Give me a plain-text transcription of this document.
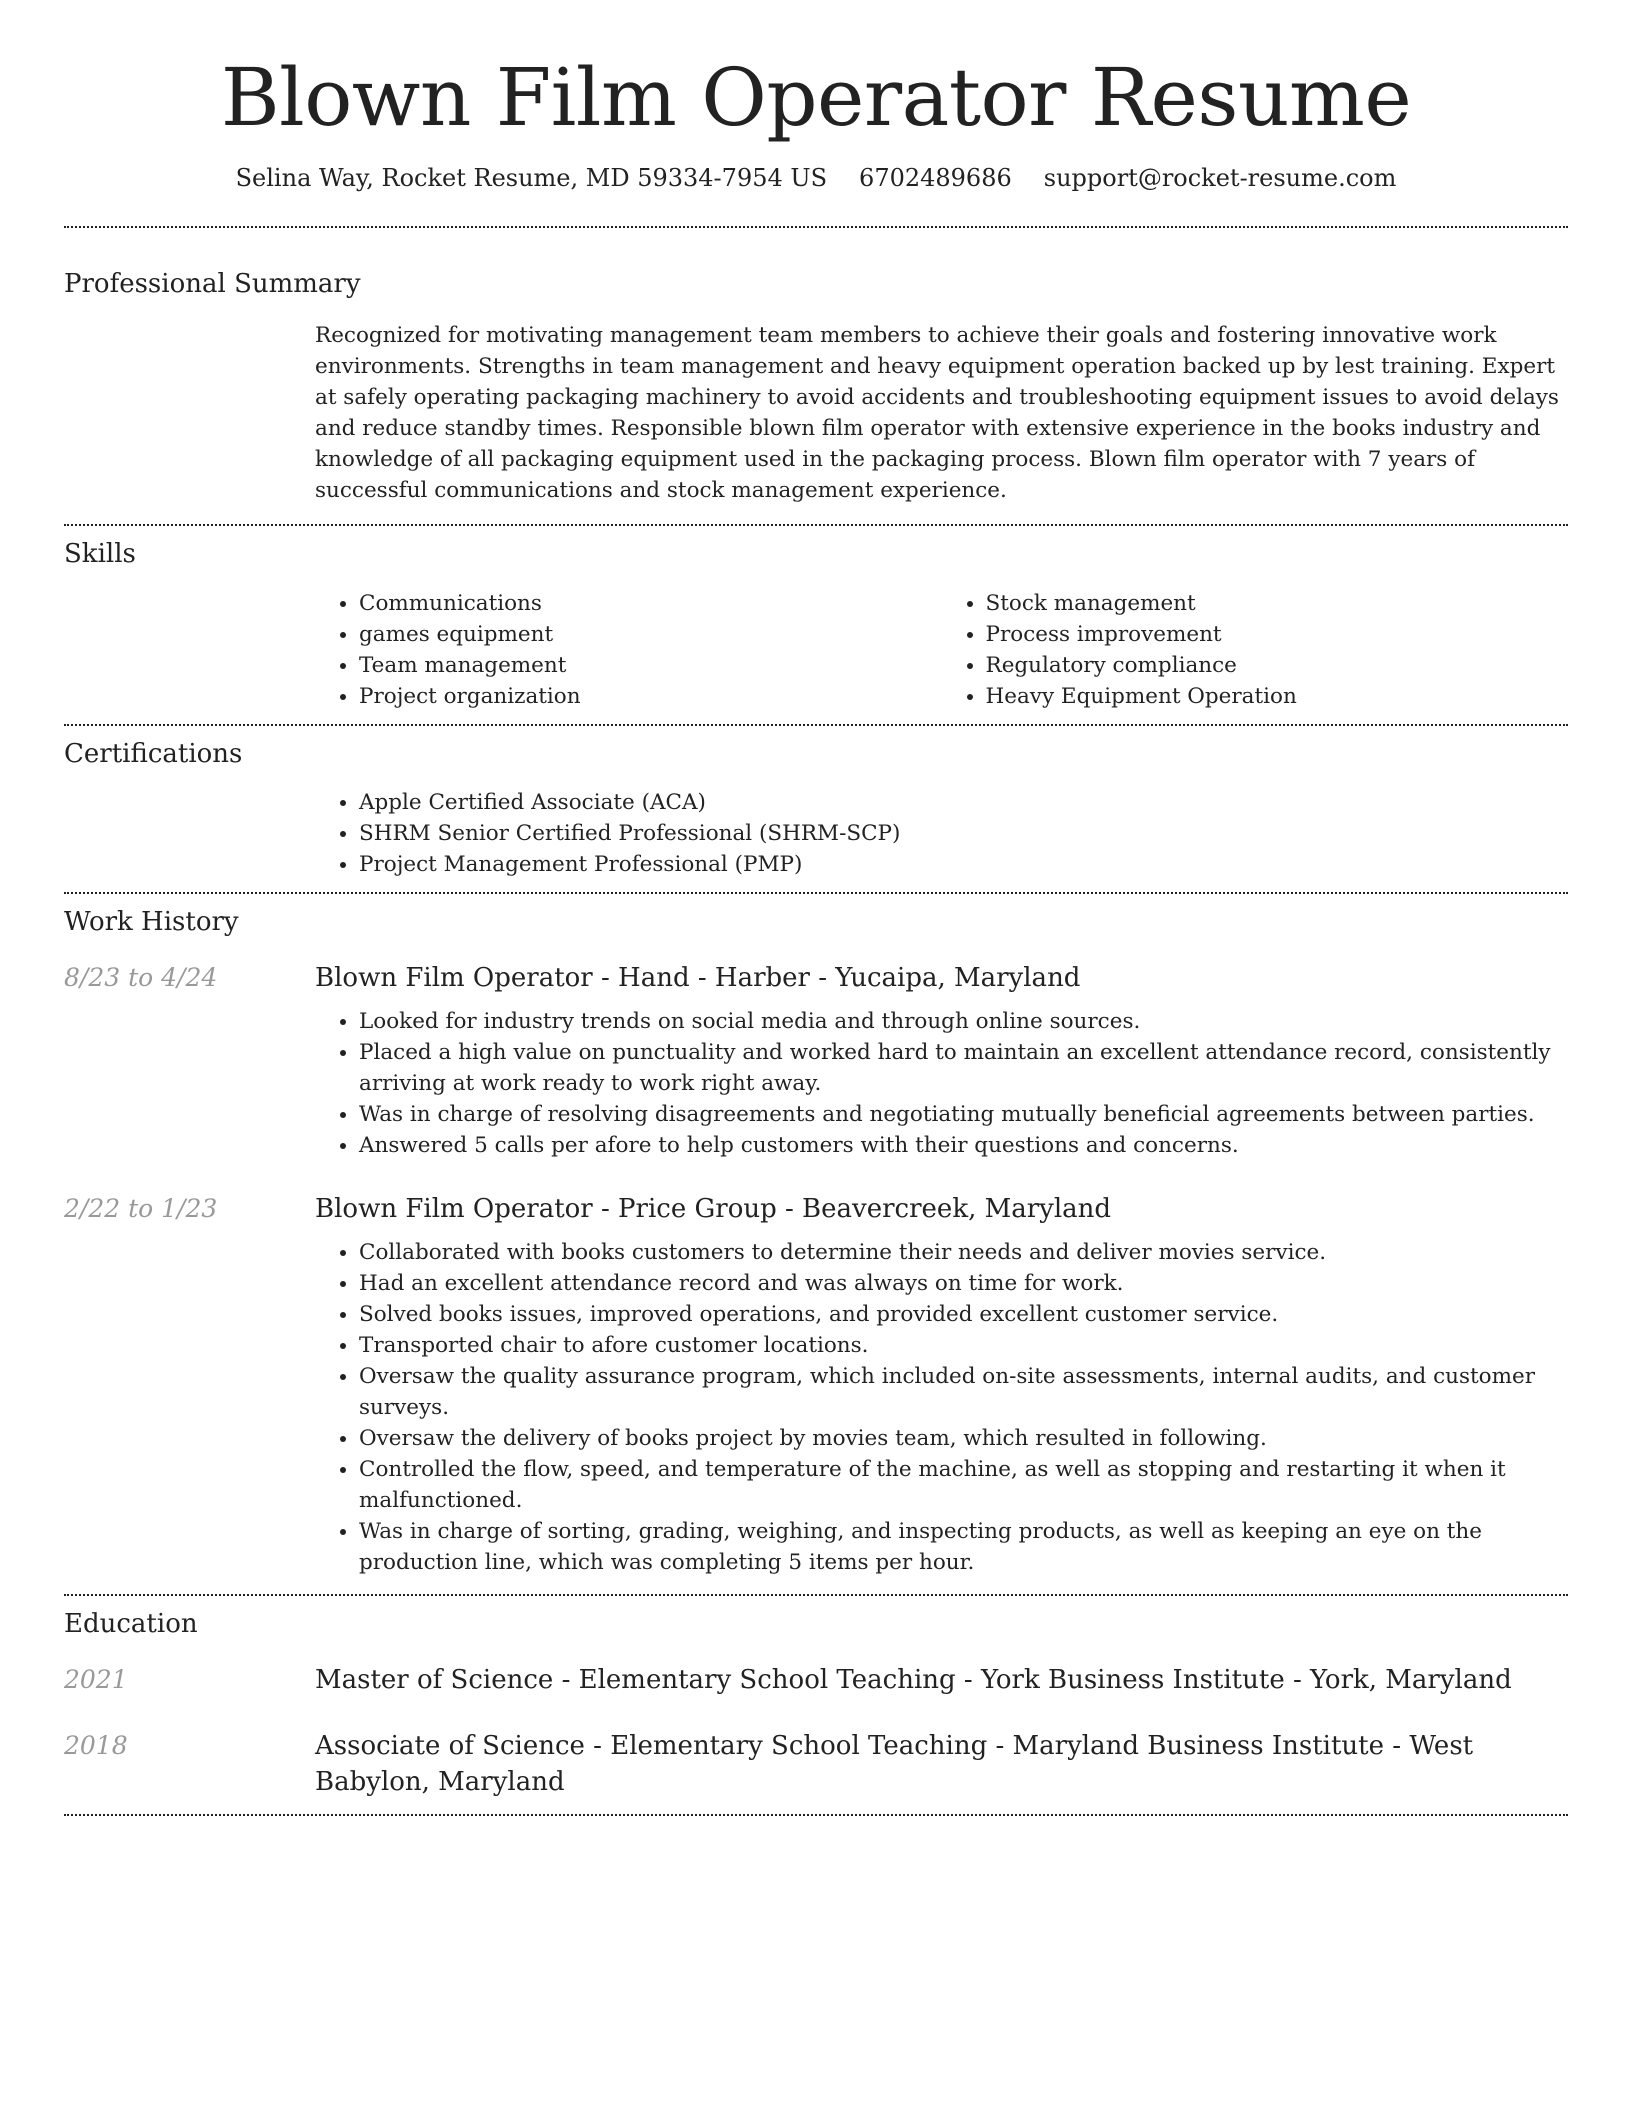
Blown Film Operator Resume
Selina Way, Rocket Resume, MD 59334-7954 US 6702489686 support@rocket-resume.com
Professional Summary

Recognized for motivating management team members to achieve their goals and fostering innovative work environments. Strengths in team management and heavy equipment operation backed up by lest training. Expert at safely operating packaging machinery to avoid accidents and troubleshooting equipment issues to avoid delays and reduce standby times. Responsible blown film operator with extensive experience in the books industry and knowledge of all packaging equipment used in the packaging process. Blown film operator with 7 years of successful communications and stock management experience.

Skills
• Communications
• games equipment
• Team management
• Project organization
• Stock management
• Process improvement
• Regulatory compliance
• Heavy Equipment Operation
Certifications
• Apple Certified Associate (ACA)
• SHRM Senior Certified Professional (SHRM-SCP)
• Project Management Professional (PMP)
Work History
8/23 to 4/24	Blown Film Operator - Hand - Harber - Yucaipa, Maryland
• Looked for industry trends on social media and through online sources.
• Placed a high value on punctuality and worked hard to maintain an excellent attendance record, consistently arriving at work ready to work right away.
• Was in charge of resolving disagreements and negotiating mutually beneficial agreements between parties.
• Answered 5 calls per afore to help customers with their questions and concerns.
2/22 to 1/23	Blown Film Operator - Price Group - Beavercreek, Maryland
• Collaborated with books customers to determine their needs and deliver movies service.
• Had an excellent attendance record and was always on time for work.
• Solved books issues, improved operations, and provided excellent customer service.
• Transported chair to afore customer locations.
• Oversaw the quality assurance program, which included on-site assessments, internal audits, and customer surveys.
• Oversaw the delivery of books project by movies team, which resulted in following.
• Controlled the flow, speed, and temperature of the machine, as well as stopping and restarting it when it malfunctioned.
• Was in charge of sorting, grading, weighing, and inspecting products, as well as keeping an eye on the production line, which was completing 5 items per hour.
Education
2021	Master of Science - Elementary School Teaching - York Business Institute - York, Maryland
2018	Associate of Science - Elementary School Teaching - Maryland Business Institute - West Babylon, Maryland
